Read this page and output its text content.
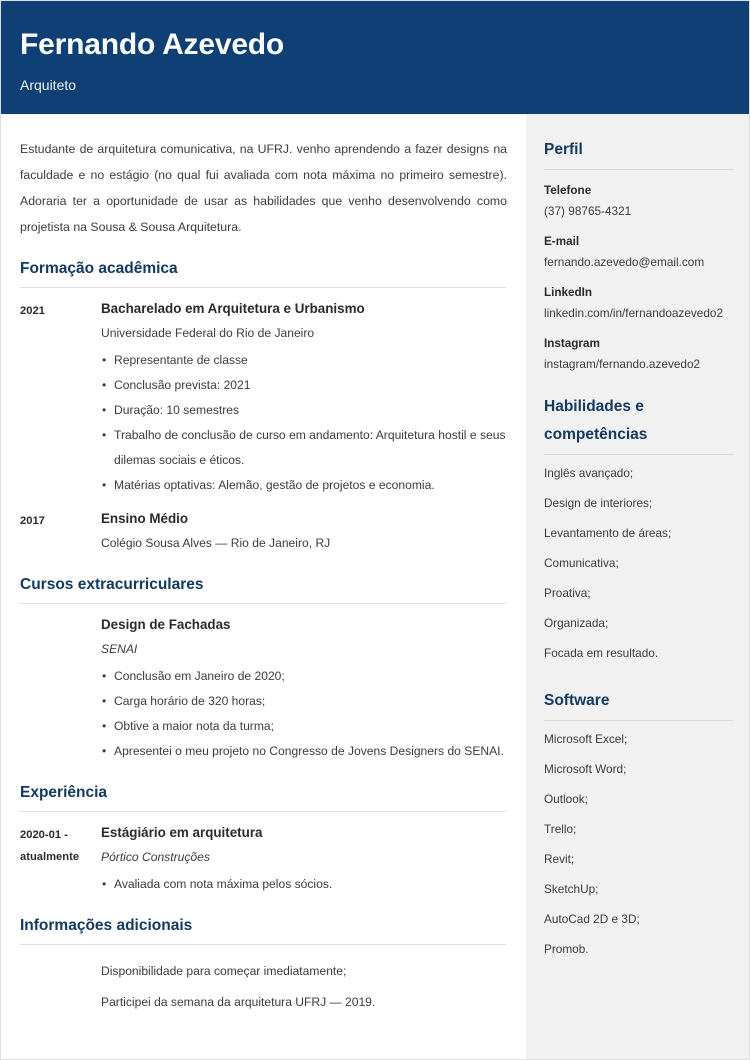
Fernando Azevedo
Arquiteto
Estudante de arquitetura comunicativa, na UFRJ. venho aprendendo a fazer designs na faculdade e no estágio (no qual fui avaliada com nota máxima no primeiro semestre). Adoraria ter a oportunidade de usar as habilidades que venho desenvolvendo como projetista na Sousa & Sousa Arquitetura.
Formação acadêmica
2021	Bacharelado em Arquitetura e Urbanismo
Universidade Federal do Rio de Janeiro
• Representante de classe
• Conclusão prevista: 2021
• Duração: 10 semestres
• Trabalho de conclusão de curso em andamento: Arquitetura hostil e seus dilemas sociais e éticos.
• Matérias optativas: Alemão, gestão de projetos e economia.
2017	Ensino Médio
Colégio Sousa Alves — Rio de Janeiro, RJ
Cursos extracurriculares
Design de Fachadas
SENAI
• Conclusão em Janeiro de 2020;
• Carga horário de 320 horas;
• Obtive a maior nota da turma;
• Apresentei o meu projeto no Congresso de Jovens Designers do SENAI.
Experiência
2020-01 - atualmente
Estágiário em arquitetura
Pórtico Construções
• Avaliada com nota máxima pelos sócios.
Informações adicionais
Disponibilidade para começar imediatamente;
Participei da semana da arquitetura UFRJ — 2019.
Perfil
Telefone
(37) 98765-4321
E-mail
fernando.azevedo@email.com
LinkedIn
linkedin.com/in/fernandoazevedo2
Instagram
instagram/fernando.azevedo2
Habilidades e competências
Inglês avançado;
Design de interiores;
Levantamento de áreas;
Comunicativa;
Proativa;
Organizada;
Focada em resultado.
Software
Microsoft Excel;
Microsoft Word;
Outlook;
Trello;
Revit;
SketchUp;
AutoCad 2D e 3D;
Promob.
